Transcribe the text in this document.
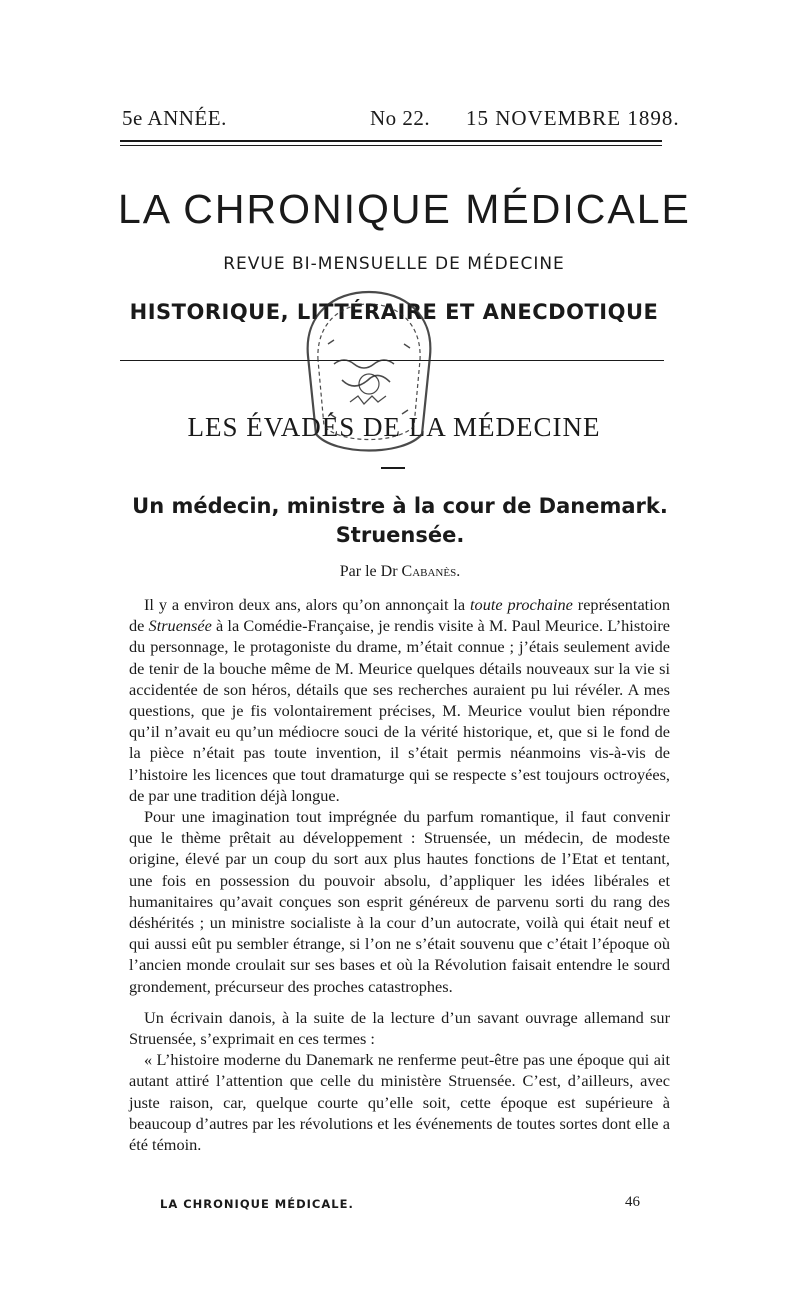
5e ANNÉE.	No 22. 15 NOVEMBRE 1898.
LA CHRONIQUE MÉDICALE
REVUE BI-MENSUELLE DE MÉDECINE
HISTORIQUE, LITTÉRAIRE ET ANECDOTIQUE
LES ÉVADÉS DE LA MÉDECINE
Un médecin, ministre à la cour de Danemark.
Struensée.
Par le Dr Cabanès.

Il y a environ deux ans, alors qu’on annonçait la toute prochaine représentation de Struensée à la Comédie-Française, je rendis visite à M. Paul Meurice. L’histoire du personnage, le protagoniste du drame, m’était connue ; j’étais seulement avide de tenir de la bouche même de M. Meurice quelques détails nouveaux sur la vie si accidentée de son héros, détails que ses recherches auraient pu lui révéler. A mes questions, que je fis volontairement précises, M. Meurice voulut bien répondre qu’il n’avait eu qu’un médiocre souci de la vérité historique, et, que si le fond de la pièce n’était pas toute invention, il s’était permis néanmoins vis-à-vis de l’histoire les licences que tout dramaturge qui se respecte s’est toujours octroyées, de par une tradition déjà longue.

Pour une imagination tout imprégnée du parfum romantique, il faut convenir que le thème prêtait au développement : Struensée, un médecin, de modeste origine, élevé par un coup du sort aux plus hautes fonctions de l’Etat et tentant, une fois en possession du pouvoir absolu, d’appliquer les idées libérales et humanitaires qu’avait conçues son esprit généreux de parvenu sorti du rang des déshérités ; un ministre socialiste à la cour d’un autocrate, voilà qui était neuf et qui aussi eût pu sembler étrange, si l’on ne s’était souvenu que c’était l’époque où l’ancien monde croulait sur ses bases et où la Révolution faisait entendre le sourd grondement, précurseur des proches catastrophes.

Un écrivain danois, à la suite de la lecture d’un savant ouvrage allemand sur Struensée, s’exprimait en ces termes :

« L’histoire moderne du Danemark ne renferme peut-être pas une époque qui ait autant attiré l’attention que celle du ministère Struensée. C’est, d’ailleurs, avec juste raison, car, quelque courte qu’elle soit, cette époque est supérieure à beaucoup d’autres par les révolutions et les événements de toutes sortes dont elle a été témoin.

LA CHRONIQUE MÉDICALE.	46
